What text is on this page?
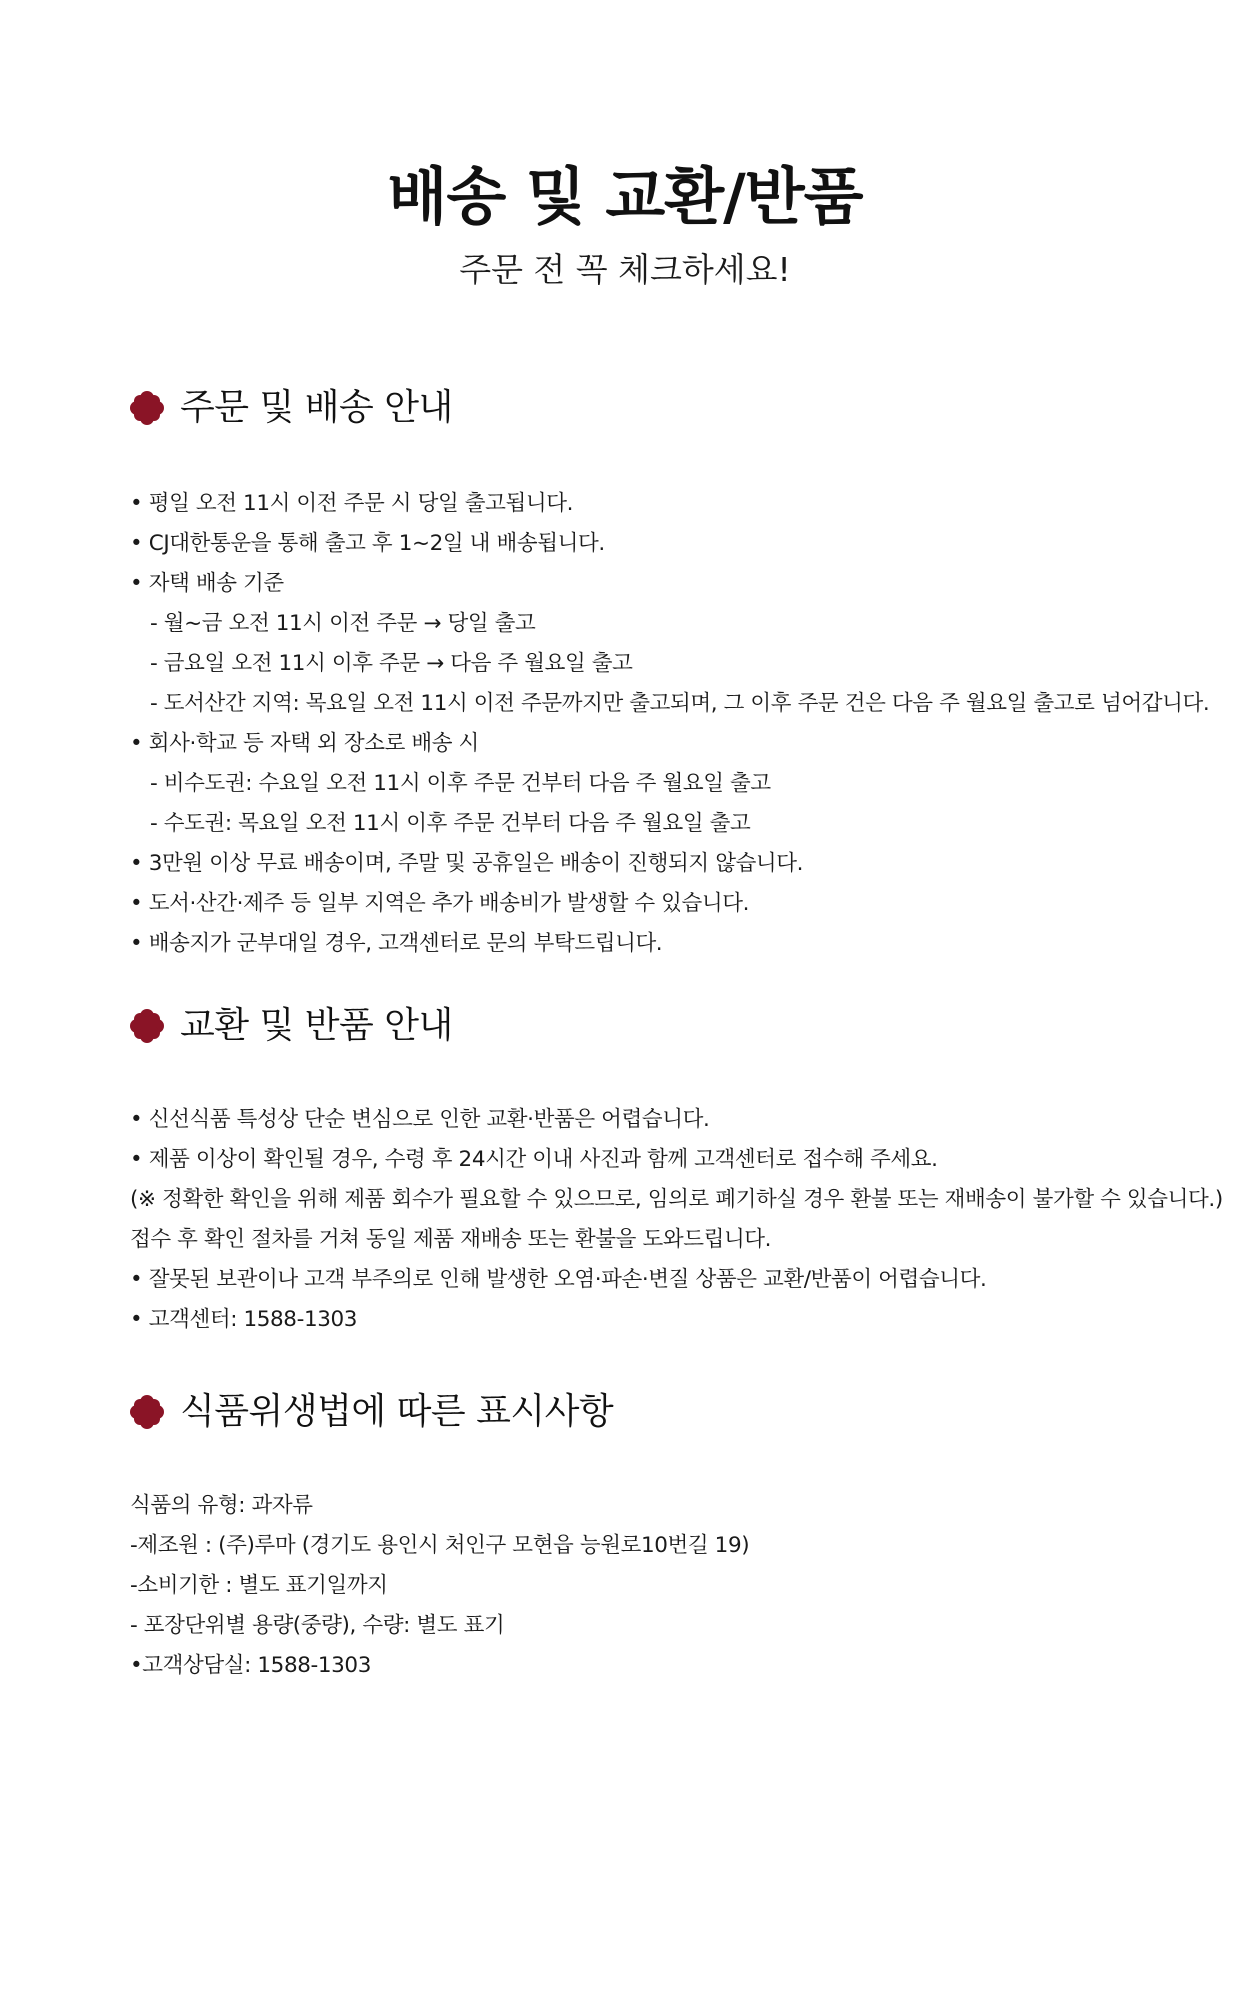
배송 및 교환/반품

주문 전 꼭 체크하세요!

주문 및 배송 안내
• 평일 오전 11시 이전 주문 시 당일 출고됩니다.
• CJ대한통운을 통해 출고 후 1~2일 내 배송됩니다.
• 자택 배송 기준
- 월~금 오전 11시 이전 주문 → 당일 출고
- 금요일 오전 11시 이후 주문 → 다음 주 월요일 출고
- 도서산간 지역: 목요일 오전 11시 이전 주문까지만 출고되며, 그 이후 주문 건은 다음 주 월요일 출고로 넘어갑니다.
• 회사·학교 등 자택 외 장소로 배송 시
- 비수도권: 수요일 오전 11시 이후 주문 건부터 다음 주 월요일 출고
- 수도권: 목요일 오전 11시 이후 주문 건부터 다음 주 월요일 출고
• 3만원 이상 무료 배송이며, 주말 및 공휴일은 배송이 진행되지 않습니다.
• 도서·산간·제주 등 일부 지역은 추가 배송비가 발생할 수 있습니다.
• 배송지가 군부대일 경우, 고객센터로 문의 부탁드립니다.
교환 및 반품 안내
• 신선식품 특성상 단순 변심으로 인한 교환·반품은 어렵습니다.
• 제품 이상이 확인될 경우, 수령 후 24시간 이내 사진과 함께 고객센터로 접수해 주세요.
(※ 정확한 확인을 위해 제품 회수가 필요할 수 있으므로, 임의로 폐기하실 경우 환불 또는 재배송이 불가할 수 있습니다.)
접수 후 확인 절차를 거쳐 동일 제품 재배송 또는 환불을 도와드립니다.
• 잘못된 보관이나 고객 부주의로 인해 발생한 오염·파손·변질 상품은 교환/반품이 어렵습니다.
• 고객센터: 1588-1303
식품위생법에 따른 표시사항
식품의 유형: 과자류
-제조원 : (주)루마 (경기도 용인시 처인구 모현읍 능원로10번길 19)
-소비기한 : 별도 표기일까지
- 포장단위별 용량(중량), 수량: 별도 표기
•고객상담실: 1588-1303
